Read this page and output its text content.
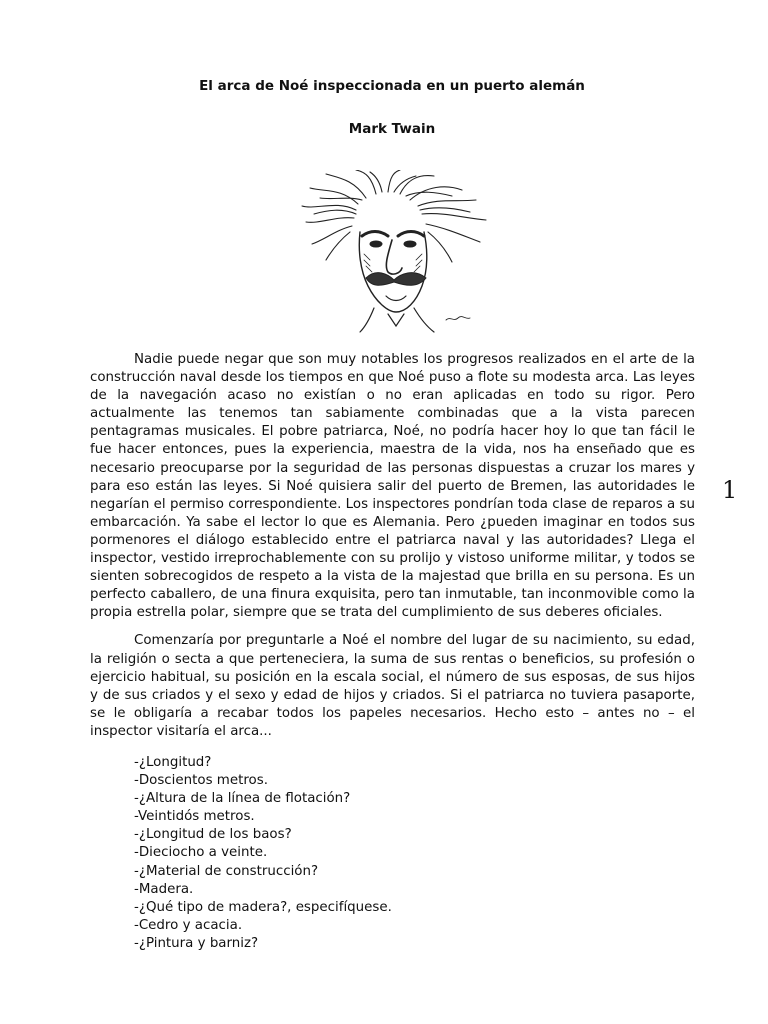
El arca de Noé inspeccionada en un puerto alemán
Mark Twain

Nadie puede negar que son muy notables los progresos realizados en el arte de la construcción naval desde los tiempos en que Noé puso a flote su modesta arca. Las leyes de la navegación acaso no existían o no eran aplicadas en todo su rigor. Pero actualmente las tenemos tan sabiamente combinadas que a la vista parecen pentagramas musicales. El pobre patriarca, Noé, no podría hacer hoy lo que tan fácil le fue hacer entonces, pues la experiencia, maestra de la vida, nos ha enseñado que es necesario preocuparse por la seguridad de las personas dispuestas a cruzar los mares y para eso están las leyes. Si Noé quisiera salir del puerto de Bremen, las autoridades le negarían el permiso correspondiente. Los inspectores pondrían toda clase de reparos a su embarcación. Ya sabe el lector lo que es Alemania. Pero ¿pueden imaginar en todos sus pormenores el diálogo establecido entre el patriarca naval y las autoridades? Llega el inspector, vestido irreprochablemente con su prolijo y vistoso uniforme militar, y todos se sienten sobrecogidos de respeto a la vista de la majestad que brilla en su persona. Es un perfecto caballero, de una finura exquisita, pero tan inmutable, tan inconmovible como la propia estrella polar, siempre que se trata del cumplimiento de sus deberes oficiales.

Comenzaría por preguntarle a Noé el nombre del lugar de su nacimiento, su edad, la religión o secta a que perteneciera, la suma de sus rentas o beneficios, su profesión o ejercicio habitual, su posición en la escala social, el número de sus esposas, de sus hijos y de sus criados y el sexo y edad de hijos y criados. Si el patriarca no tuviera pasaporte, se le obligaría a recabar todos los papeles necesarios. Hecho esto – antes no – el inspector visitaría el arca...

-¿Longitud?
-Doscientos metros.
-¿Altura de la línea de flotación?
-Veintidós metros.
-¿Longitud de los baos?
-Dieciocho a veinte.
-¿Material de construcción?
-Madera.
-¿Qué tipo de madera?, especifíquese.
-Cedro y acacia.
-¿Pintura y barniz?
1
